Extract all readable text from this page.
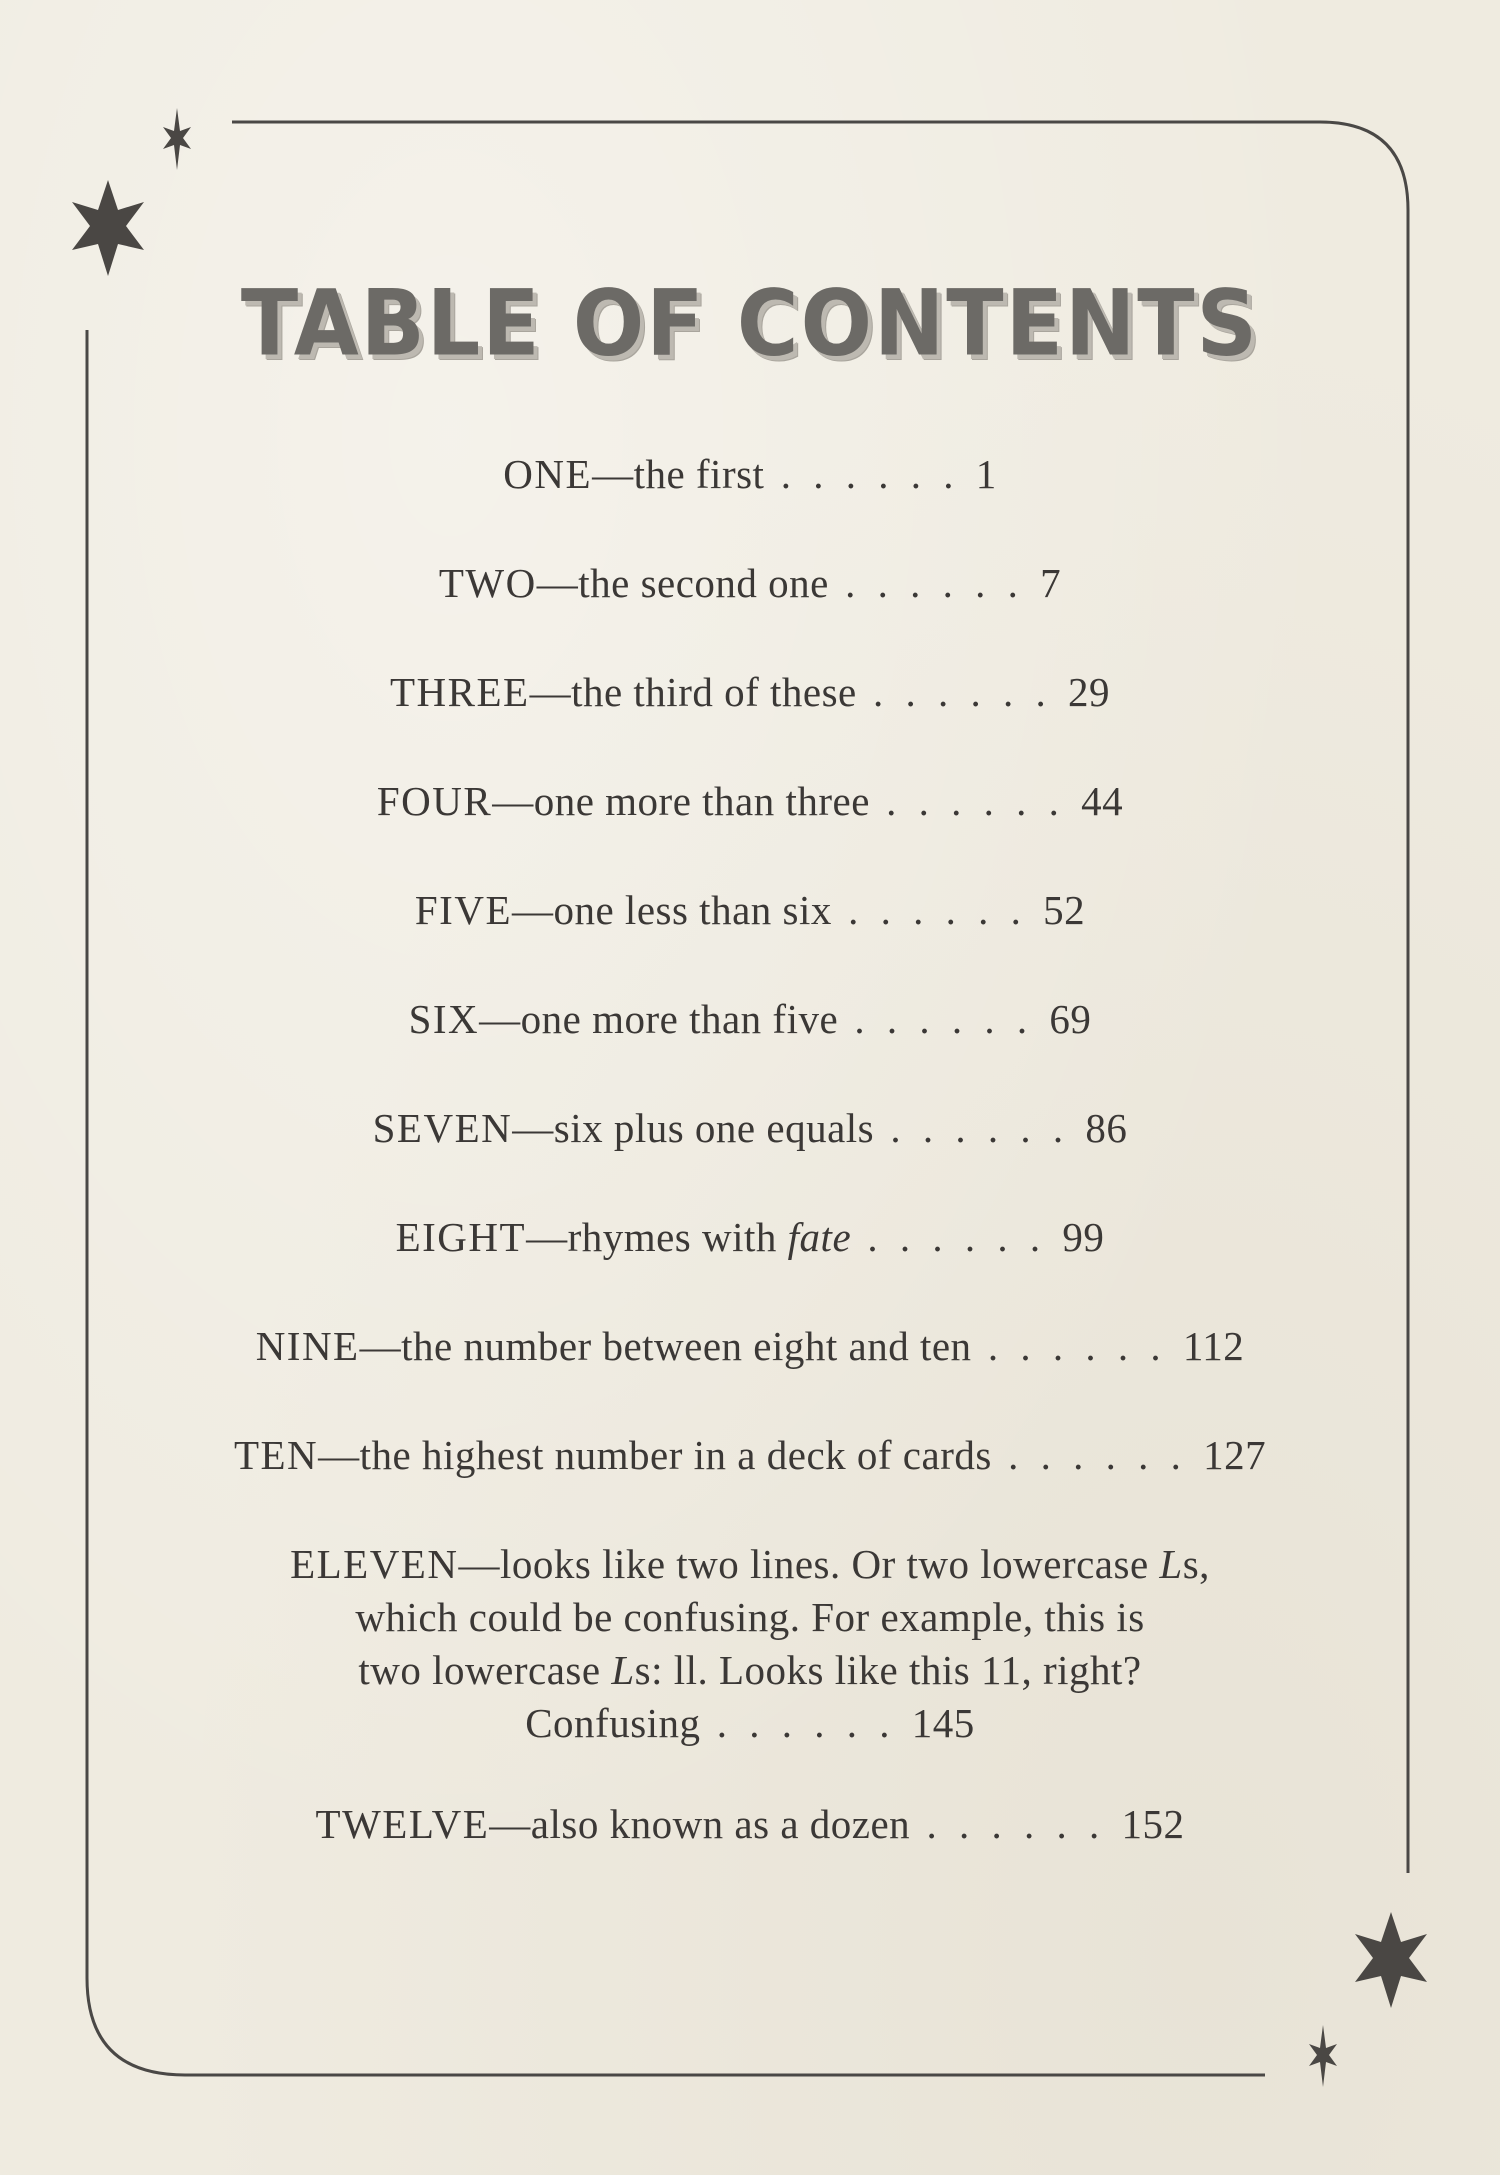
TABLE OF CONTENTS
ONE—the first . . . . . . 1
TWO—the second one . . . . . . 7
THREE—the third of these . . . . . . 29
FOUR—one more than three . . . . . . 44
FIVE—one less than six . . . . . . 52
SIX—one more than five . . . . . . 69
SEVEN—six plus one equals . . . . . . 86
EIGHT—rhymes with fate . . . . . . 99
NINE—the number between eight and ten . . . . . . 112
TEN—the highest number in a deck of cards . . . . . . 127
ELEVEN—looks like two lines. Or two lowercase Ls,
which could be confusing. For example, this is
two lowercase Ls: ll. Looks like this 11, right?
Confusing . . . . . . 145
TWELVE—also known as a dozen . . . . . . 152
